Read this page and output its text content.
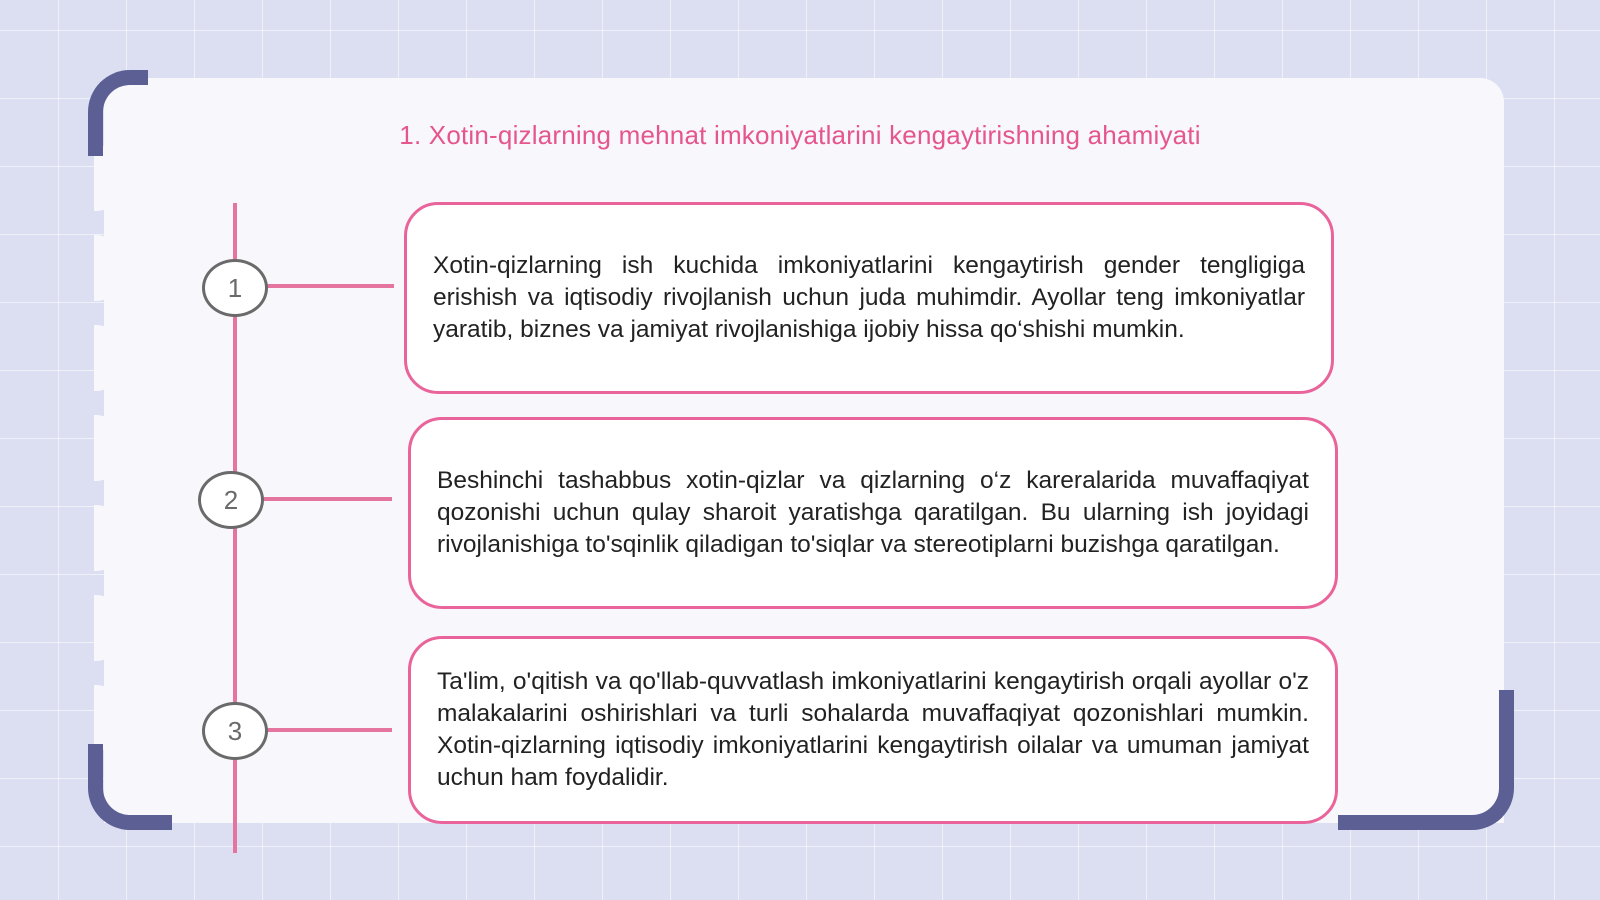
1. Xotin-qizlarning mehnat imkoniyatlarini kengaytirishning ahamiyati
1
2
3
Xotin-qizlarning ish kuchida imkoniyatlarini kengaytirish gender tengligiga erishish va iqtisodiy rivojlanish uchun juda muhimdir. Ayollar teng imkoniyatlar yaratib, biznes va jamiyat rivojlanishiga ijobiy hissa qo‘shishi mumkin.
Beshinchi tashabbus xotin-qizlar va qizlarning o‘z kareralarida muvaffaqiyat qozonishi uchun qulay sharoit yaratishga qaratilgan. Bu ularning ish joyidagi rivojlanishiga to'sqinlik qiladigan to'siqlar va stereotiplarni buzishga qaratilgan.
Ta'lim, o'qitish va qo'llab-quvvatlash imkoniyatlarini kengaytirish orqali ayollar o'z malakalarini oshirishlari va turli sohalarda muvaffaqiyat qozonishlari mumkin. Xotin-qizlarning iqtisodiy imkoniyatlarini kengaytirish oilalar va umuman jamiyat uchun ham foydalidir.
